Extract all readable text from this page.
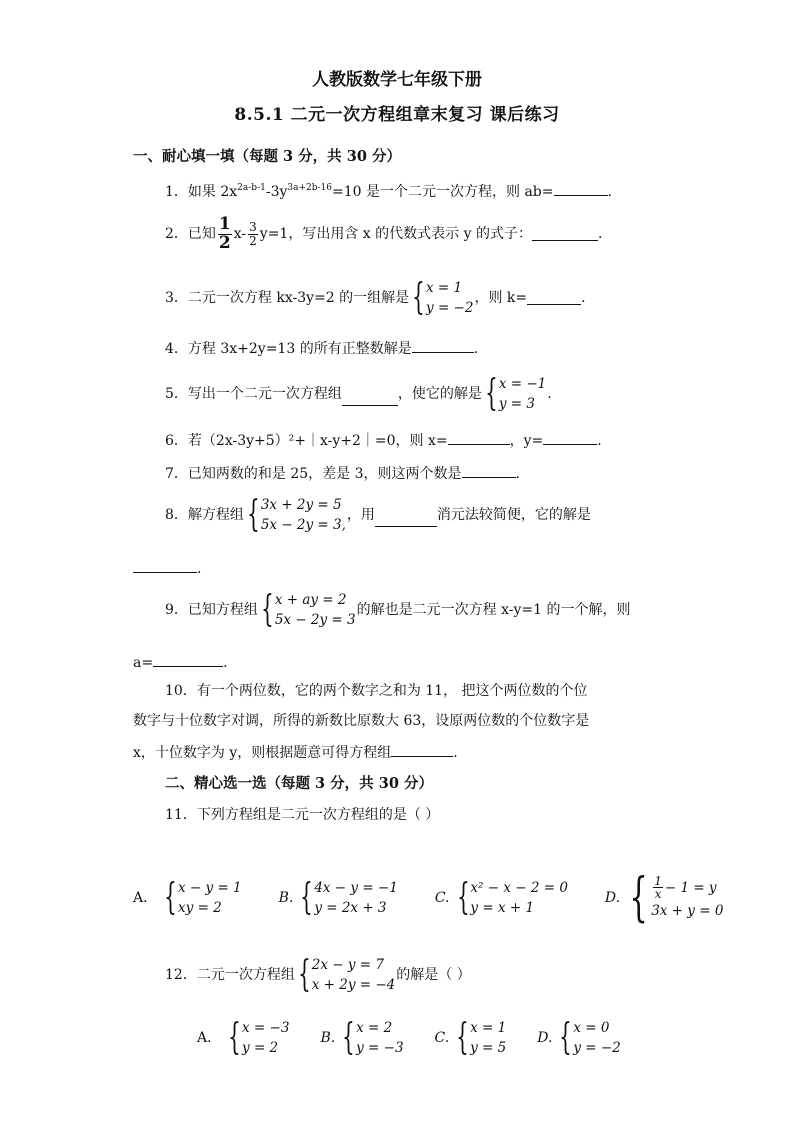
人教版数学七年级下册
8.5.1 二元一次方程组章末复习 课后练习
一、耐心填一填（每题 3 分，共 30 分）
1．如果 $2x^{2a-b-1}-3y^{3a+2b-16}=10$ 是一个二元一次方程，则 ab=	.
2．已知 $\frac{1}{2} x- \frac{3}{2} y=1$，写出用含 x 的代数式表示 y 的式子：	.
3．二元一次方程 kx-3y=2 的一组解是 { x = 1
y = −2
，则 k=	.
4．方程 3x+2y=13 的所有正整数解是	.
5．写出一个二元一次方程组	，使它的解是 { x = −1
y = 3
.
6．若（2x-3y+5）²+｜x-y+2｜=0，则 x=	，y=	.
7．已知两数的和是 25，差是 3，则这两个数是	.
8．解方程组 { 3x + 2y = 5
5x − 2y = 3,
，用	消元法较简便，它的解是
.
9．已知方程组 { x + ay = 2
5x − 2y = 3
的解也是二元一次方程 x-y=1 的一个解，则
a=	.
10．有一个两位数，它的两个数字之和为 11， 把这个两位数的个位
数字与十位数字对调，所得的新数比原数大 63，设原两位数的个位数字是
x，十位数字为 y，则根据题意可得方程组	.
二、精心选一选（每题 3 分，共 30 分）
11．下列方程组是二元一次方程组的是（ ）
A． { x − y = 1
xy = 2
B. { 4x − y = −1
y = 2x + 3
C. { x² − x − 2 = 0
y = x + 1
D. { $\frac{1}{x} - 1 = y$
3x + y = 0
12．二元一次方程组 { 2x − y = 7
x + 2y = −4
的解是（ ）
A． { x = −3
y = 2
B. { x = 2
y = −3
C. { x = 1
y = 5
D. { x = 0
y = −2
